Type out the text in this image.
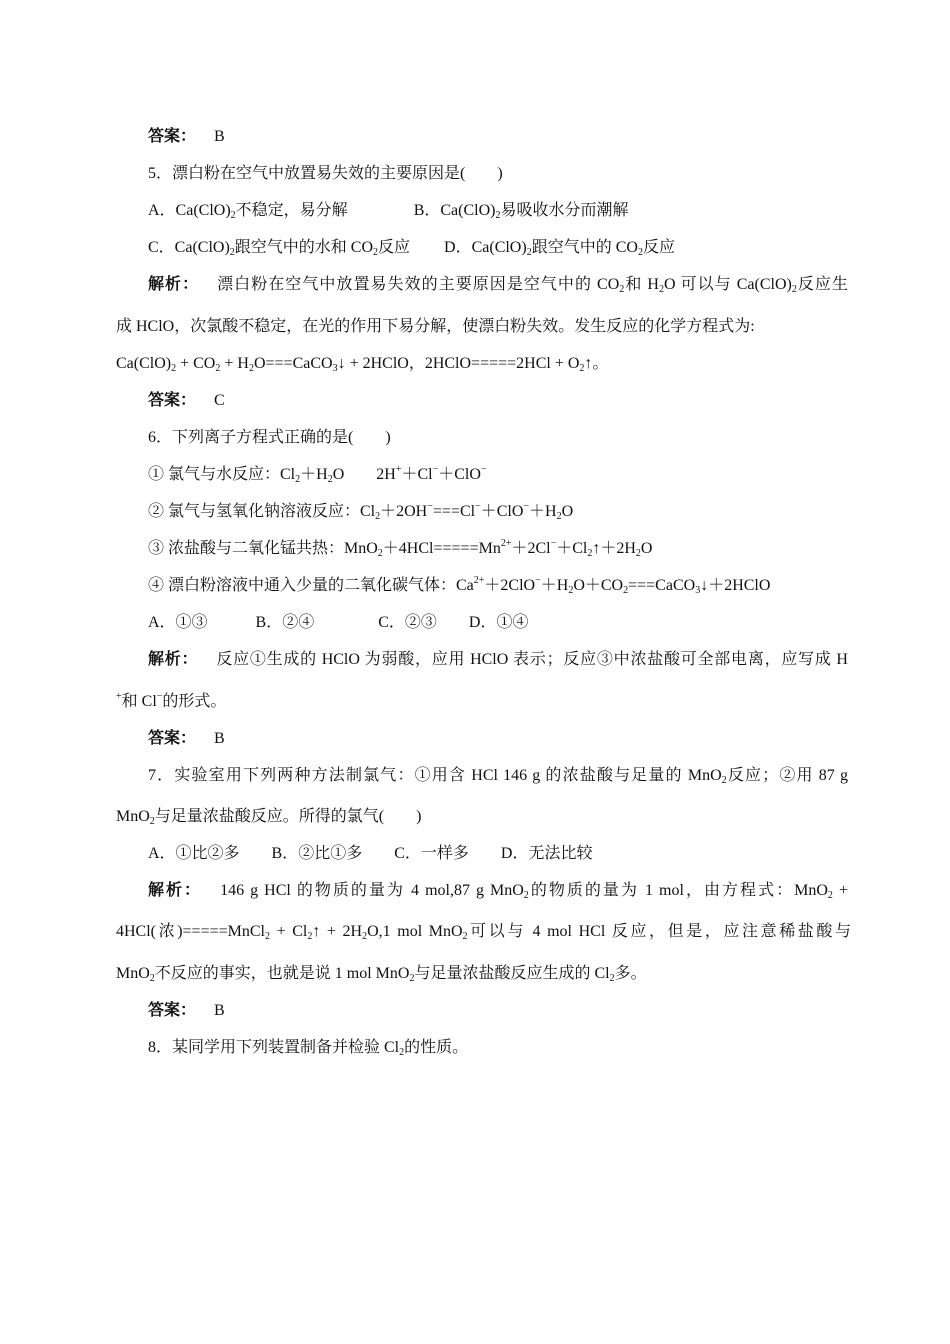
答案： B
5．漂白粉在空气中放置易失效的主要原因是(　　)
A．$Ca(ClO)_2$不稳定，易分解	B．$Ca(ClO)_2$易吸收水分而潮解
C．$Ca(ClO)_2$跟空气中的水和 $CO_2$反应 D．$Ca(ClO)_2$跟空气中的 $CO_2$反应
解析： 漂白粉在空气中放置易失效的主要原因是空气中的 $CO_2$和 $H_2O$ 可以与 $Ca(ClO)_2$反应生
成 HClO，次氯酸不稳定，在光的作用下易分解，使漂白粉失效。发生反应的化学方程式为:
$Ca(ClO)_2 + CO_2$ + $H_2O===CaCO_3↓$ + 2HClO，2HClO=====2HCl + $O_2↑$。
答案： C
6．下列离子方程式正确的是(　　)
① 氯气与水反应：$Cl_2+H_2O$　　2H+＋Cl−＋ClO−
② 氯气与氢氧化钠溶液反应：$Cl_2+2OH^-===Cl^-+ClO^-+H_2O$
③ 浓盐酸与二氧化锰共热：$MnO_2+4HCl=====Mn^{2+}+2Cl^-+Cl_2↑+2H_2O$
④ 漂白粉溶液中通入少量的二氧化碳气体：$Ca^{2+}+2ClO^-+H_2O+CO_2===CaCO_3↓+2HClO$
A．①③　　　B．②④　　　　C．②③　　D．①④
解析： 反应①生成的 HClO 为弱酸，应用 HClO 表示；反应③中浓盐酸可全部电离，应写成 H
+和 Cl−的形式。
答案： B
7．实验室用下列两种方法制氯气：①用含 HCl 146 g 的浓盐酸与足量的 MnO$_2$反应；②用 87 g
MnO$_2$与足量浓盐酸反应。所得的氯气(　　)
A．①比②多　　B．②比①多　　C．一样多　　D．无法比较
解析： 146 g HCl 的物质的量为 4 mol,87 g MnO$_2$的物质的量为 1 mol，由方程式：MnO$_2$ +
4HCl(浓)=====MnCl$_2$ + $Cl_2↑ + 2H_2O,1$ mol MnO$_2$可以与 4 mol HCl 反应，但是，应注意稀盐酸与
MnO$_2$不反应的事实，也就是说 1 mol MnO$_2$与足量浓盐酸反应生成的 $Cl_2$多。
答案： B
8．某同学用下列装置制备并检验 $Cl_2$的性质。
